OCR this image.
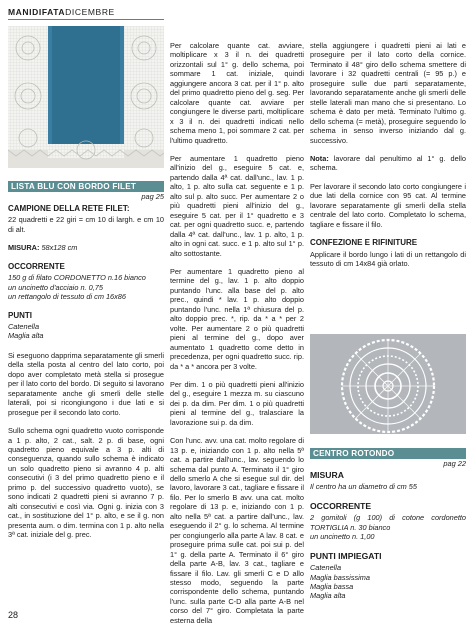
MANIDIFATADICEMBRE
LISTA BLU CON BORDO FILET
pag 25
CAMPIONE DELLA RETE FILET:

22 quadretti e 22 giri = cm 10 di largh. e cm 10 di alt.

MISURA: 58x128 cm
OCCORRENTE
150 g di filato CORDONETTO n.16 bianco
un uncinetto d'acciaio n. 0,75
un rettangolo di tessuto di cm 16x86
PUNTI
Catenella
Maglia alta

Si eseguono dapprima separatamente gli smerli della stella posta al centro del lato corto, poi dopo aver completato metà stella si prosegue per il lato corto del bordo. Di seguito si lavorano separatamente anche gli smerli delle stelle laterali, poi si ricongiungono i due lati e si prosegue per il secondo lato corto.

Sullo schema ogni quadretto vuoto corrisponde a 1 p. alto, 2 cat., salt. 2 p. di base, ogni quadretto pieno equivale a 3 p. alti di conseguenza, quando sullo schema è indicato un solo quadretto pieno si avranno 4 p. alti consecutivi (i 3 del primo quadretto pieno e il primo p. del successivo quadretto vuoto), se sono indicati 2 quadretti pieni si avranno 7 p. alti consecutivi e così via. Ogni g. inizia con 3 cat., in sostituzione del 1° p. alto, e se il g. non presenta aum. o dim. termina con 1 p. alto nella 3ª cat. iniziale del g. prec.

Per calcolare quante cat. avviare, moltiplicare x 3 il n. dei quadretti orizzontali sul 1° g. dello schema, poi sommare 1 cat. iniziale, quindi aggiungere ancora 3 cat. per il 1° p. alto del primo quadretto pieno del g. seg. Per calcolare quante cat. avviare per congiungere le diverse parti, moltiplicare x 3 il n. dei quadretti indicati nello schema meno 1, poi sommare 2 cat. per l'ultimo quadretto.

Per aumentare 1 quadretto pieno all'inizio del g., eseguire 5 cat. e, partendo dalla 4ª cat. dall'unc., lav. 1 p. alto, 1 p. alto sulla cat. seguente e 1 p. alto sul p. alto succ. Per aumentare 2 o più quadretti pieni all'inizio del g., eseguire 5 cat. per il 1° quadretto e 3 cat. per ogni quadretto succ. e, partendo dalla 4ª cat. dall'unc., lav. 1 p. alto, 1 p. alto in ogni cat. succ. e 1 p. alto sul 1° p. alto sottostante.

Per aumentare 1 quadretto pieno al termine del g., lav. 1 p. alto doppio puntando l'unc. alla base del p. alto prec., quindi * lav. 1 p. alto doppio puntando l'unc. nella 1ª chiusura del p. alto doppio prec. *, rip. da * a * per 2 volte. Per aumentare 2 o più quadretti pieni al termine del g., dopo aver aumentato 1 quadretto come detto in precedenza, per ogni quadretto succ. rip. da * a * ancora per 3 volte.

Per dim. 1 o più quadretti pieni all'inizio del g., eseguire 1 mezza m. su ciascuno dei p. da dim. Per dim. 1 o più quadretti pieni al termine del g., tralasciare la lavorazione sui p. da dim.

Con l'unc. avv. una cat. molto regolare di 13 p. e, iniziando con 1 p. alto nella 5ª cat. a partire dall'unc., lav. seguendo lo schema dal punto A. Terminato il 1° giro dello smerlo A che si esegue sul dir. del lavoro, lavorare 3 cat., tagliare e fissare il filo. Per lo smerlo B avv. una cat. molto regolare di 13 p. e, iniziando con 1 p. alto nella 5ª cat. a partire dall'unc., lav. eseguendo il 2° g. lo schema. Al termine per congiungerlo alla parte A lav. 8 cat. e proseguire prima sulle cat. poi sui p. del 1° g. della parte A. Terminato il 6° giro della parte A-B, lav. 3 cat., tagliare e fissare il filo. Lav. gli smerli C e D allo stesso modo, seguendo la parte corrispondente dello schema, puntando l'unc. sulla parte C-D alla parte A-B nel corso del 7° giro. Completata la parte esterna della

stella aggiungere i quadretti pieni ai lati e proseguire per il lato corto della cornice. Terminato il 48° giro dello schema smettere di lavorare i 32 quadretti centrali (= 95 p.) e proseguire sulle due parti separatamente, lavorando separatamente anche gli smerli delle stelle laterali man mano che si presentano. Lo schema è dato per metà. Terminato l'ultimo g. dello schema (= metà), proseguire seguendo lo schema in senso inverso iniziando dal g. successivo.

Nota: lavorare dal penultimo al 1° g. dello schema.

Per lavorare il secondo lato corto congiungere i due lati della cornice con 95 cat. Al termine lavorare separatamente gli smerli della stella centrale del lato corto. Completato lo schema, tagliare e fissare il filo.

CONFEZIONE E RIFINITURE

Applicare il bordo lungo i lati di un rettangolo di tessuto di cm 14x84 già orlato.

CENTRO ROTONDO
pag 22
MISURA
Il centro ha un diametro di cm 55
OCCORRENTE
2 gomitoli (g 100) di cotone cordonetto TORTIGLIA n. 30 bianco
un uncinetto n. 1,00
PUNTI IMPIEGATI
Catenella
Maglia bassissima
Maglia bassa
Maglia alta
28
